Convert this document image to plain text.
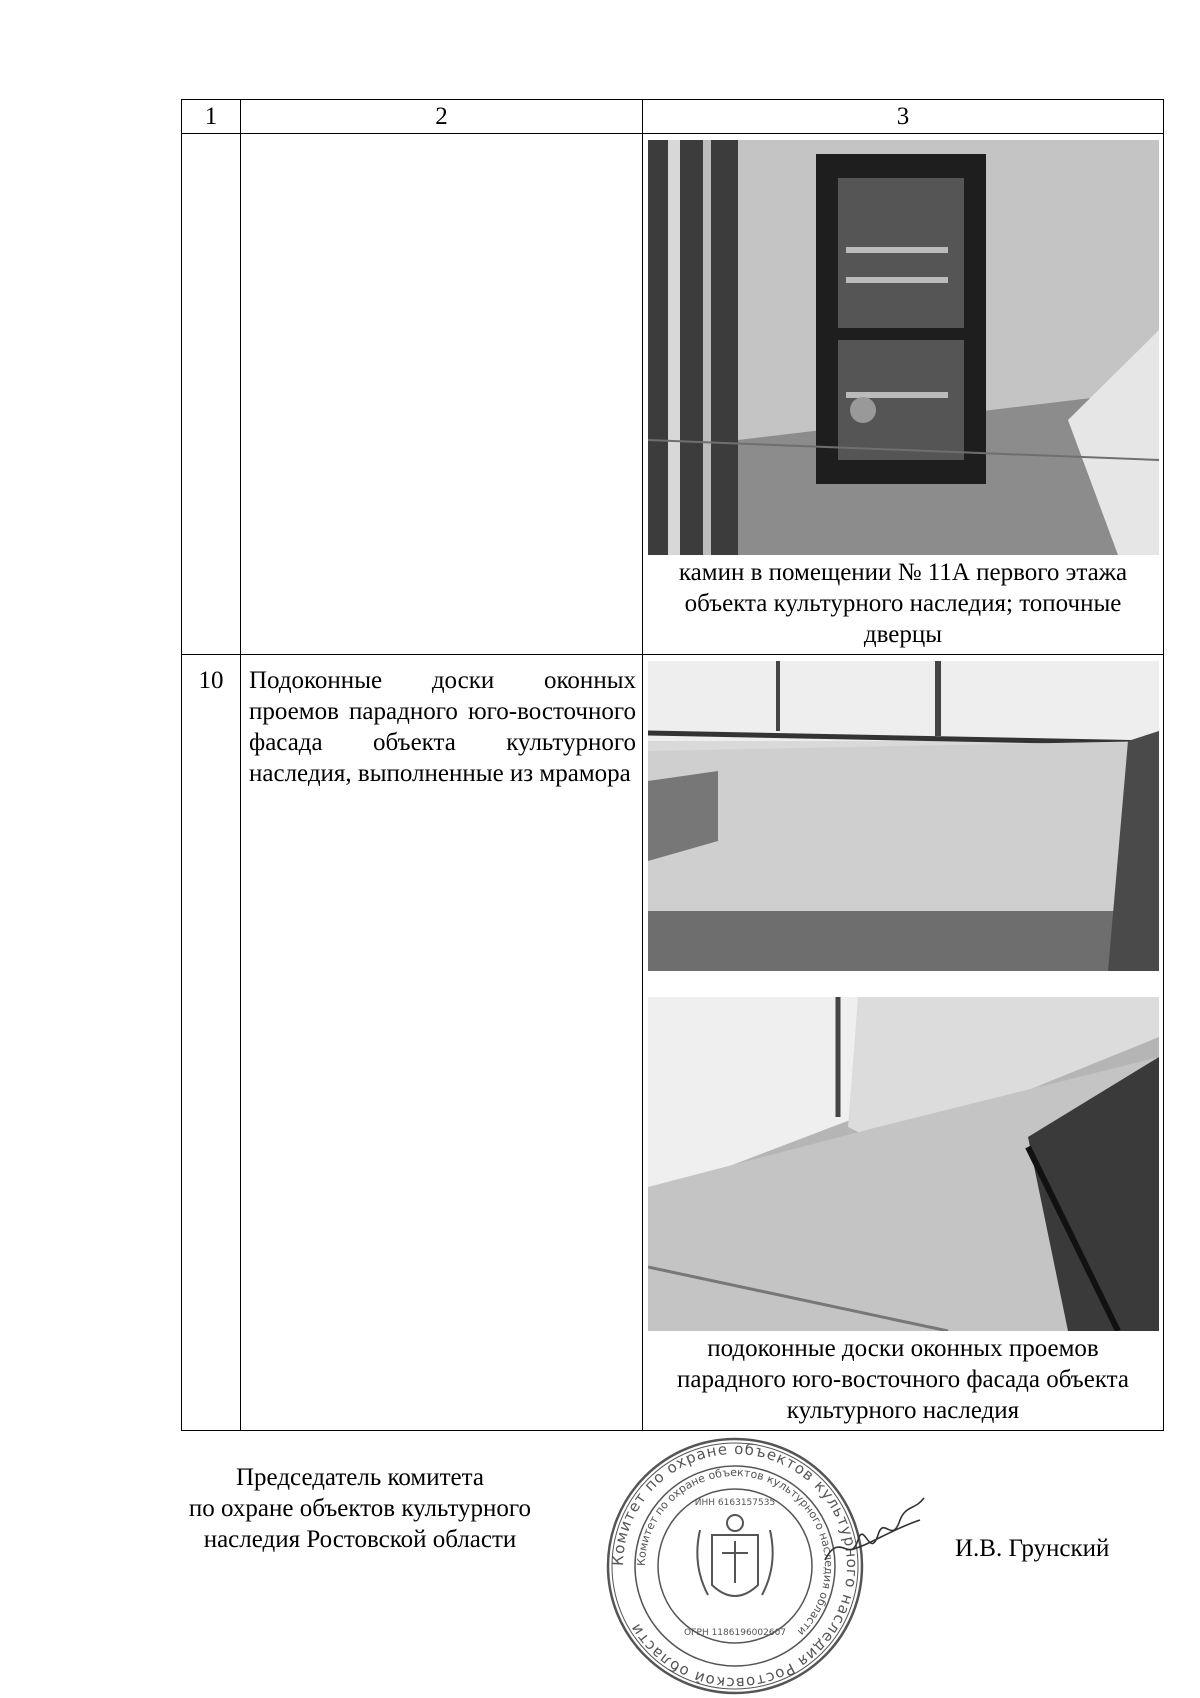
1	2	3

		камин в помещении № 11А первого этажа объекта культурного наследия; топочные дверцы

10	Подоконные доски оконных проемов парадного юго-восточного фасада объекта культурного наследия, выполненные из мрамора	подоконные доски оконных проемов парадного юго-восточного фасада объекта культурного наследия
Председатель комитета
по охране объектов культурного
наследия Ростовской области
Комитет по охране объектов культурного наследия Ростовской области
Комитет по охране объектов культурного наследия области
ОГРН 1186196002607
ИНН 6163157535
И.В. Грунский
